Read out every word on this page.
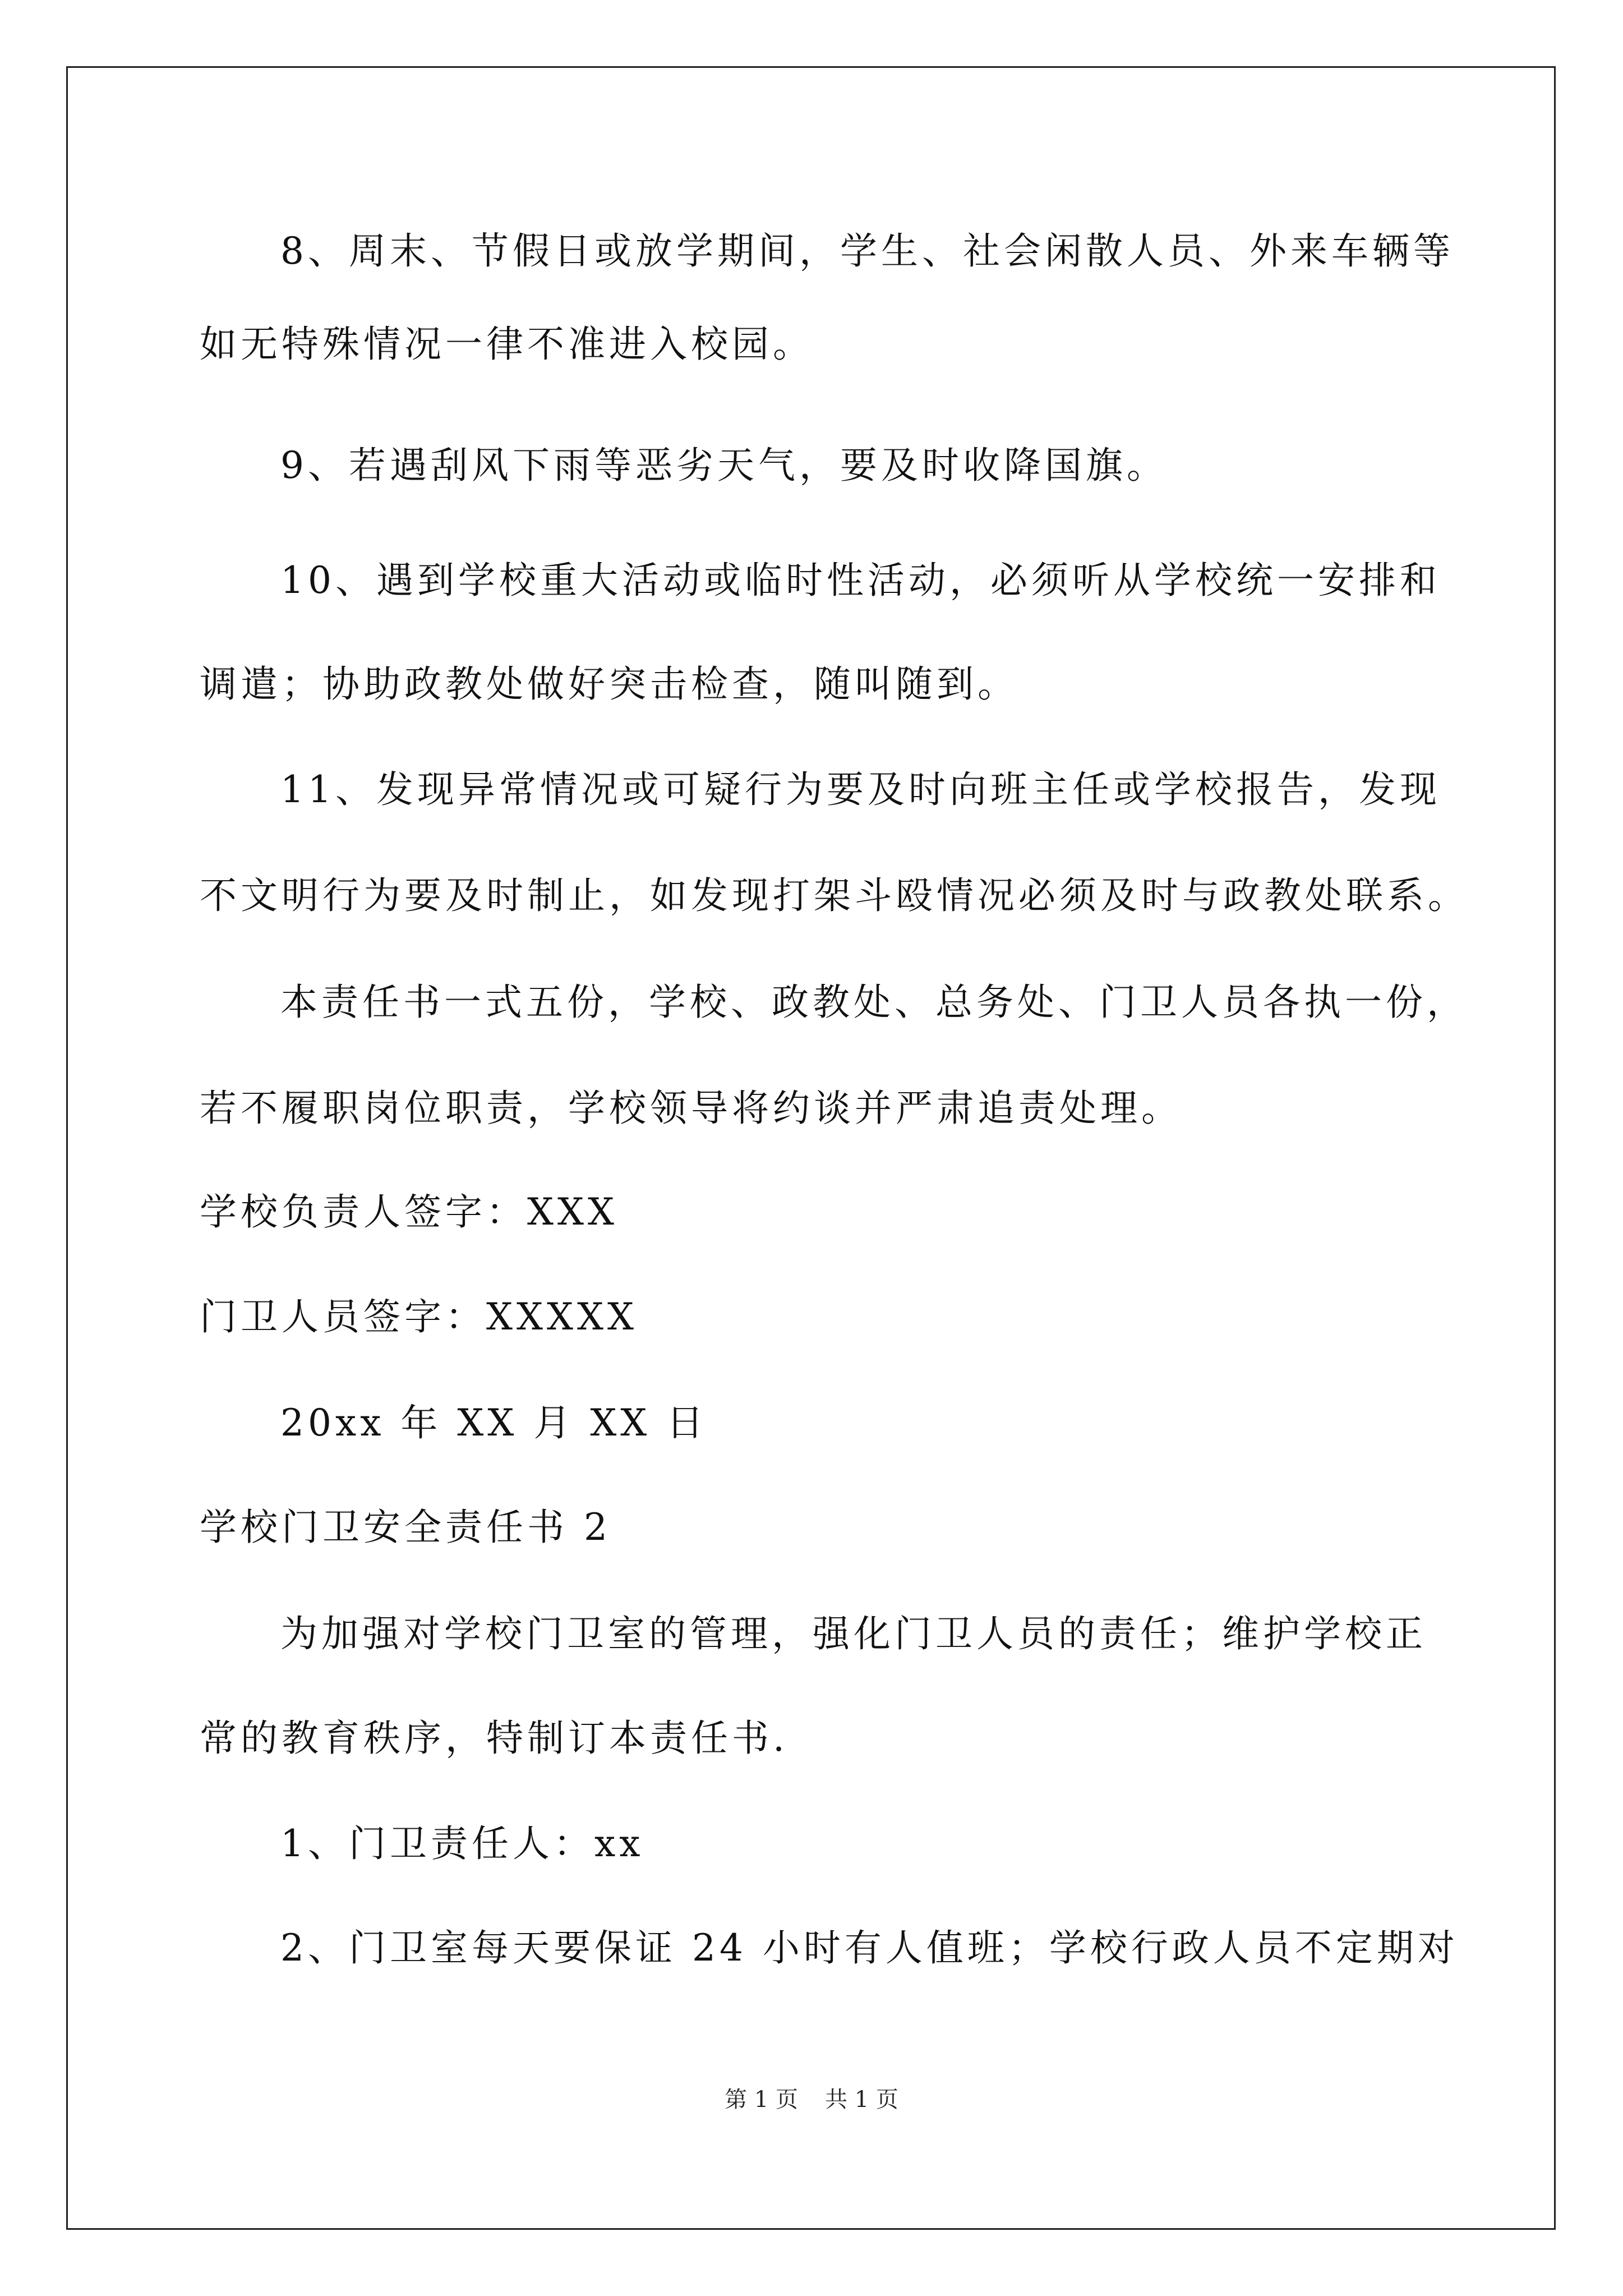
8、周末、节假日或放学期间，学生、社会闲散人员、外来车辆等
如无特殊情况一律不准进入校园。
9、若遇刮风下雨等恶劣天气，要及时收降国旗。
10、遇到学校重大活动或临时性活动，必须听从学校统一安排和
调遣；协助政教处做好突击检查，随叫随到。
11、发现异常情况或可疑行为要及时向班主任或学校报告，发现
不文明行为要及时制止，如发现打架斗殴情况必须及时与政教处联系。
本责任书一式五份，学校、政教处、总务处、门卫人员各执一份，
若不履职岗位职责，学校领导将约谈并严肃追责处理。
学校负责人签字：XXX
门卫人员签字：XXXXX
20xx 年 XX 月 XX 日
学校门卫安全责任书 2
为加强对学校门卫室的管理，强化门卫人员的责任；维护学校正
常的教育秩序，特制订本责任书.
1、门卫责任人：xx
2、门卫室每天要保证 24 小时有人值班；学校行政人员不定期对
第 1 页 共 1 页
